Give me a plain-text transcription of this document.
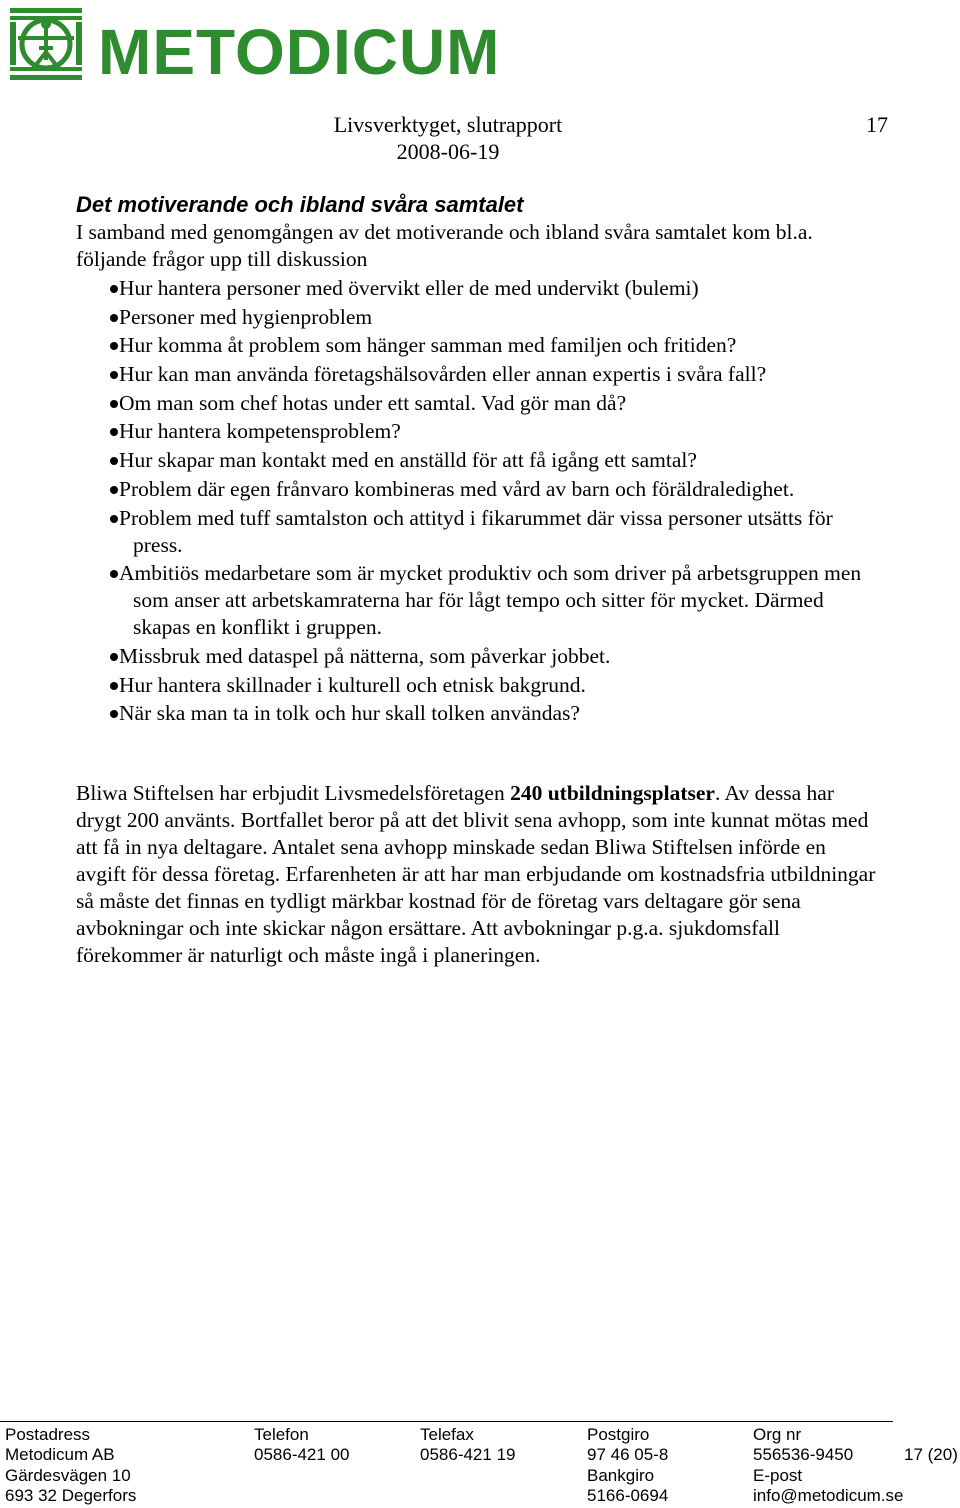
METODICUM
Livsverktyget, slutrapport
2008-06-19
17
Det motiverande och ibland svåra samtalet

I samband med genomgången av det motiverande och ibland svåra samtalet kom bl.a. följande frågor upp till diskussion

Hur hantera personer med övervikt eller de med undervikt (bulemi)
Personer med hygienproblem
Hur komma åt problem som hänger samman med familjen och fritiden?
Hur kan man använda företagshälsovården eller annan expertis i svåra fall?
Om man som chef hotas under ett samtal. Vad gör man då?
Hur hantera kompetensproblem?
Hur skapar man kontakt med en anställd för att få igång ett samtal?
Problem där egen frånvaro kombineras med vård av barn och föräldraledighet.
Problem med tuff samtalston och attityd i fikarummet där vissa personer utsätts för press.
Ambitiös medarbetare som är mycket produktiv och som driver på arbetsgruppen men som anser att arbetskamraterna har för lågt tempo och sitter för mycket. Därmed skapas en konflikt i gruppen.
Missbruk med dataspel på nätterna, som påverkar jobbet.
Hur hantera skillnader i kulturell och etnisk bakgrund.
När ska man ta in tolk och hur skall tolken användas?

Bliwa Stiftelsen har erbjudit Livsmedelsföretagen 240 utbildningsplatser. Av dessa har drygt 200 använts. Bortfallet beror på att det blivit sena avhopp, som inte kunnat mötas med att få in nya deltagare. Antalet sena avhopp minskade sedan Bliwa Stiftelsen införde en avgift för dessa företag. Erfarenheten är att har man erbjudande om kostnadsfria utbildningar så måste det finnas en tydligt märkbar kostnad för de företag vars deltagare gör sena avbokningar och inte skickar någon ersättare. Att avbokningar p.g.a. sjukdomsfall förekommer är naturligt och måste ingå i planeringen.

Postadress
Metodicum AB
Gärdesvägen 10
693 32 Degerfors
Telefon
0586-421 00
Telefax
0586-421 19
Postgiro
97 46 05-8
Bankgiro
5166-0694
Org nr
556536-9450
E-post
info@metodicum.se
17 (20)
